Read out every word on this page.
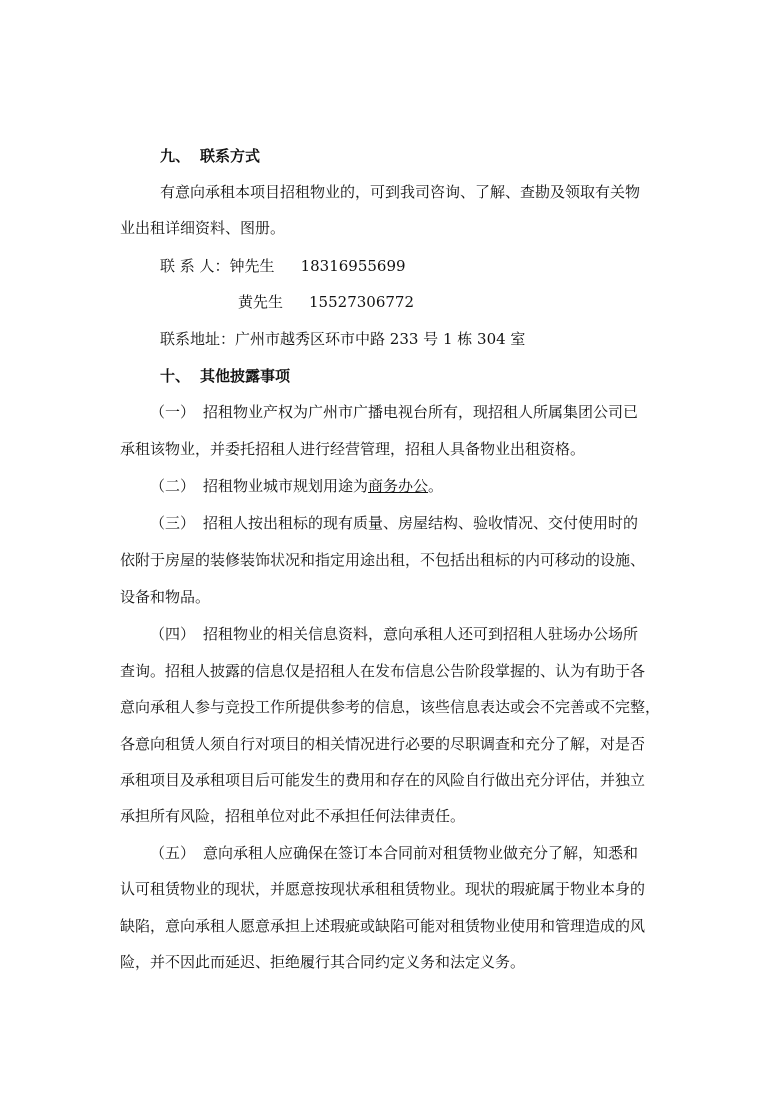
九、 联系方式
有意向承租本项目招租物业的，可到我司咨询、了解、查勘及领取有关物
业出租详细资料、图册。
联 系 人：钟先生 18316955699
黄先生 15527306772
联系地址：广州市越秀区环市中路 233 号 1 栋 304 室
十、 其他披露事项
（一） 招租物业产权为广州市广播电视台所有，现招租人所属集团公司已
承租该物业，并委托招租人进行经营管理，招租人具备物业出租资格。
（二） 招租物业城市规划用途为商务办公。
（三） 招租人按出租标的现有质量、房屋结构、验收情况、交付使用时的
依附于房屋的装修装饰状况和指定用途出租，不包括出租标的内可移动的设施、
设备和物品。
（四） 招租物业的相关信息资料，意向承租人还可到招租人驻场办公场所
查询。招租人披露的信息仅是招租人在发布信息公告阶段掌握的、认为有助于各
意向承租人参与竞投工作所提供参考的信息，该些信息表达或会不完善或不完整，
各意向租赁人须自行对项目的相关情况进行必要的尽职调查和充分了解，对是否
承租项目及承租项目后可能发生的费用和存在的风险自行做出充分评估，并独立
承担所有风险，招租单位对此不承担任何法律责任。
（五） 意向承租人应确保在签订本合同前对租赁物业做充分了解，知悉和
认可租赁物业的现状，并愿意按现状承租租赁物业。现状的瑕疵属于物业本身的
缺陷，意向承租人愿意承担上述瑕疵或缺陷可能对租赁物业使用和管理造成的风
险，并不因此而延迟、拒绝履行其合同约定义务和法定义务。
